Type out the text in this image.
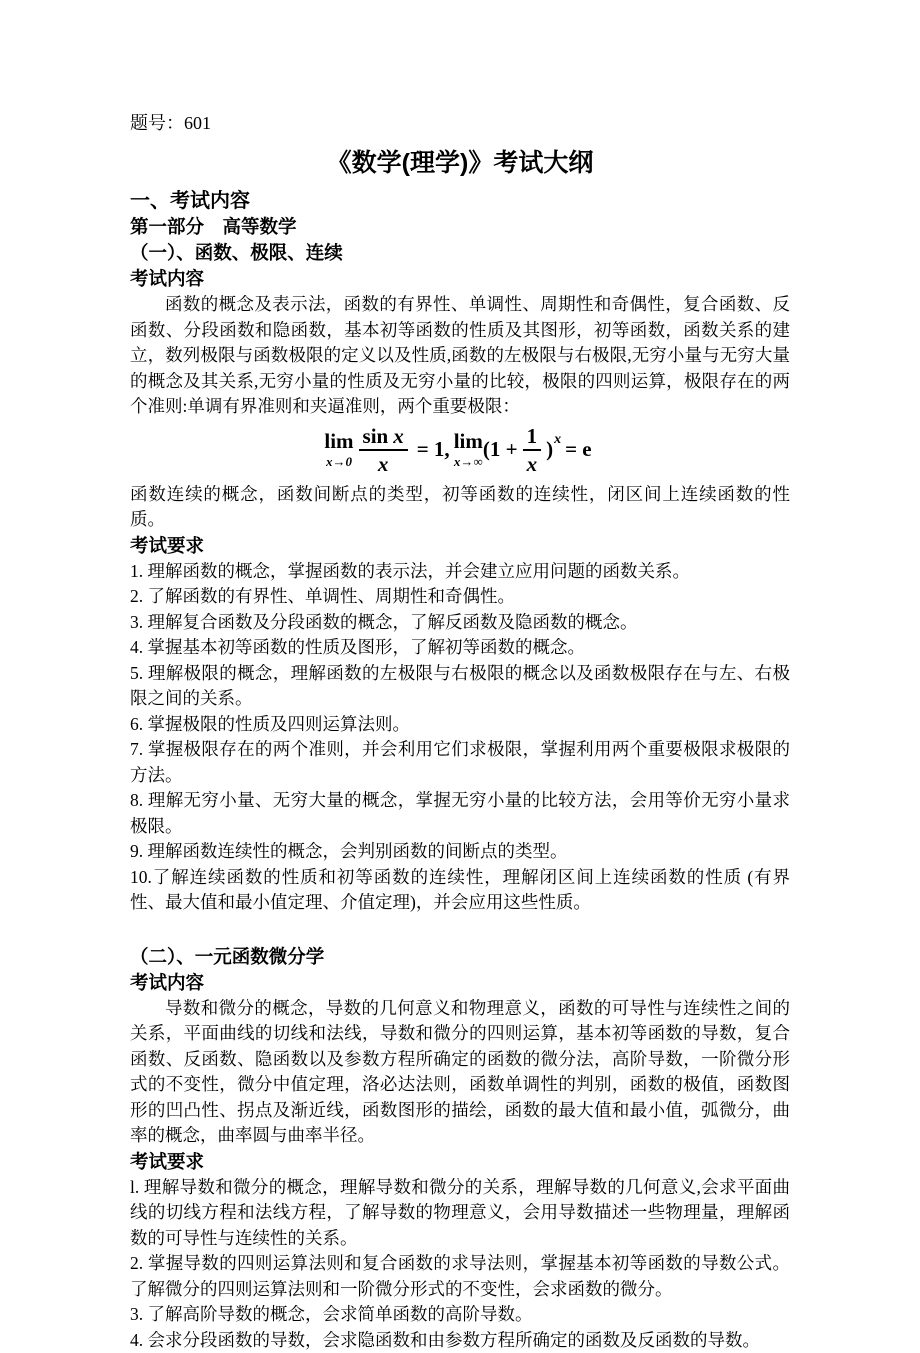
题号：601

《数学(理学)》考试大纲
一、考试内容
第一部分　高等数学
（一）、函数、极限、连续
考试内容

函数的概念及表示法，函数的有界性、单调性、周期性和奇偶性，复合函数、反函数、分段函数和隐函数，基本初等函数的性质及其图形，初等函数，函数关系的建立，数列极限与函数极限的定义以及性质,函数的左极限与右极限,无穷小量与无穷大量的概念及其关系,无穷小量的性质及无穷小量的比较，极限的四则运算，极限存在的两个准则:单调有界准则和夹逼准则，两个重要极限：

lim
$x\to 0 \frac{\text{sin x}}{x} = 1$, lim
x→∞
($1 + \frac{1}{x}$ ) x = e

函数连续的概念，函数间断点的类型，初等函数的连续性，闭区间上连续函数的性质。

考试要求

1. 理解函数的概念，掌握函数的表示法，并会建立应用问题的函数关系。

2. 了解函数的有界性、单调性、周期性和奇偶性。

3. 理解复合函数及分段函数的概念，了解反函数及隐函数的概念。

4. 掌握基本初等函数的性质及图形，了解初等函数的概念。

5. 理解极限的概念，理解函数的左极限与右极限的概念以及函数极限存在与左、右极限之间的关系。

6. 掌握极限的性质及四则运算法则。

7. 掌握极限存在的两个准则，并会利用它们求极限，掌握利用两个重要极限求极限的方法。

8. 理解无穷小量、无穷大量的概念，掌握无穷小量的比较方法，会用等价无穷小量求极限。

9. 理解函数连续性的概念，会判别函数的间断点的类型。

10.了解连续函数的性质和初等函数的连续性，理解闭区间上连续函数的性质 (有界性、最大值和最小值定理、介值定理)，并会应用这些性质。

（二）、一元函数微分学
考试内容

导数和微分的概念，导数的几何意义和物理意义，函数的可导性与连续性之间的关系，平面曲线的切线和法线，导数和微分的四则运算，基本初等函数的导数，复合函数、反函数、隐函数以及参数方程所确定的函数的微分法，高阶导数，一阶微分形式的不变性，微分中值定理，洛必达法则，函数单调性的判别，函数的极值，函数图形的凹凸性、拐点及渐近线，函数图形的描绘，函数的最大值和最小值，弧微分，曲率的概念，曲率圆与曲率半径。

考试要求

l. 理解导数和微分的概念，理解导数和微分的关系，理解导数的几何意义,会求平面曲线的切线方程和法线方程，了解导数的物理意义，会用导数描述一些物理量，理解函数的可导性与连续性的关系。

2. 掌握导数的四则运算法则和复合函数的求导法则，掌握基本初等函数的导数公式。了解微分的四则运算法则和一阶微分形式的不变性，会求函数的微分。

3. 了解高阶导数的概念，会求简单函数的高阶导数。

4. 会求分段函数的导数，会求隐函数和由参数方程所确定的函数及反函数的导数。
